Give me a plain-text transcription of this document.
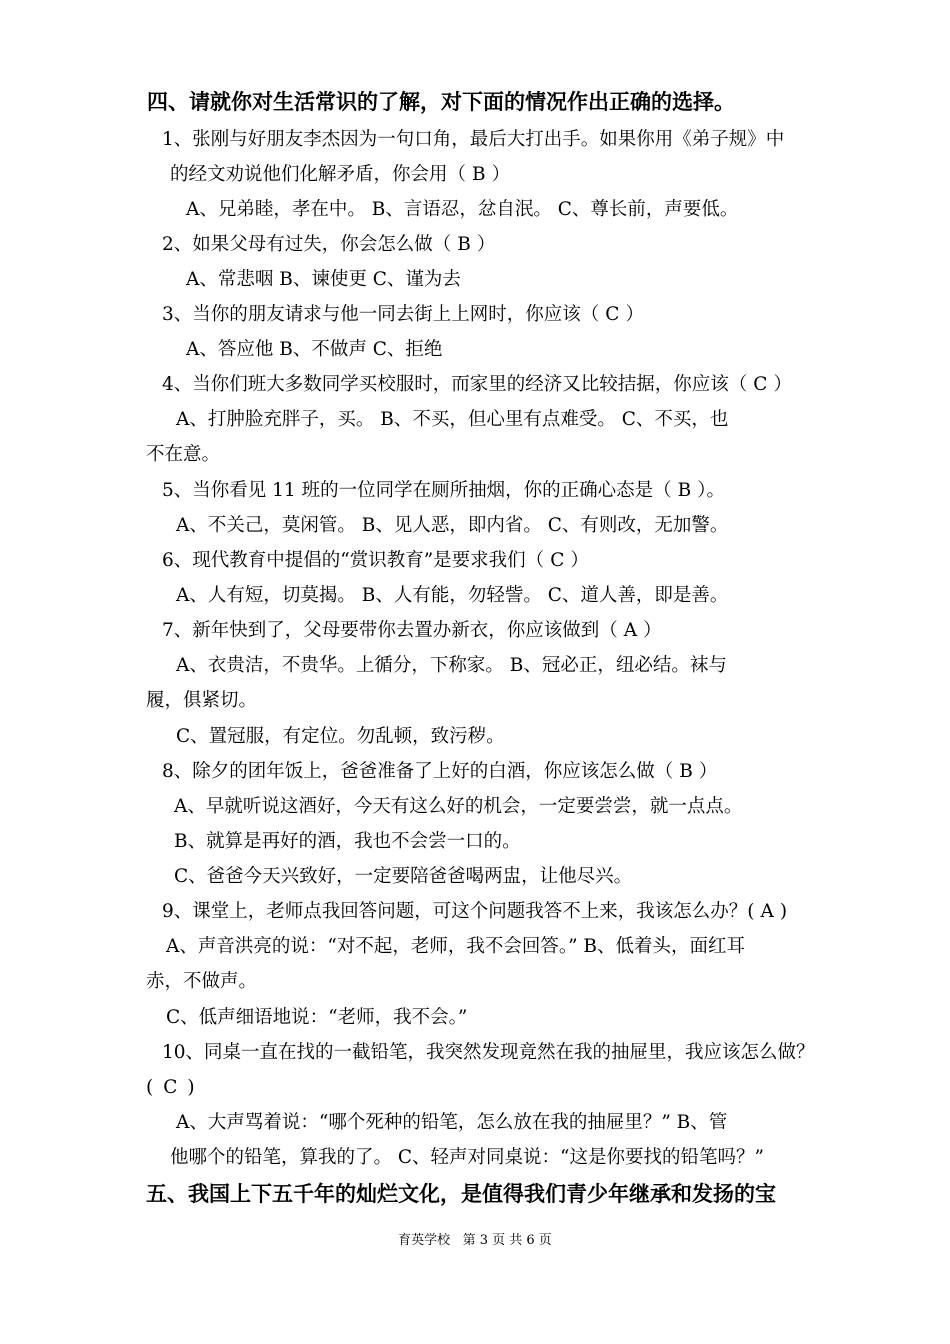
四、请就你对生活常识的了解，对下面的情况作出正确的选择。
1、张刚与好朋友李杰因为一句口角，最后大打出手。如果你用《弟子规》中
的经文劝说他们化解矛盾，你会用（ B ）
A、兄弟睦，孝在中。 B、言语忍，忿自泯。 C、尊长前，声要低。
2、如果父母有过失，你会怎么做（ B ）
A、常悲咽 B、谏使更 C、谨为去
3、当你的朋友请求与他一同去街上上网时，你应该（ C ）
A、答应他 B、不做声 C、拒绝
4、当你们班大多数同学买校服时，而家里的经济又比较拮据，你应该（ C ）
A、打肿脸充胖子，买。 B、不买，但心里有点难受。 C、不买，也
不在意。
5、当你看见 11 班的一位同学在厕所抽烟，你的正确心态是（ B ）。
A、不关己，莫闲管。 B、见人恶，即内省。 C、有则改，无加警。
6、现代教育中提倡的“赏识教育”是要求我们（ C ）
A、人有短，切莫揭。 B、人有能，勿轻訾。 C、道人善，即是善。
7、新年快到了，父母要带你去置办新衣，你应该做到（ A ）
A、衣贵洁，不贵华。上循分，下称家。 B、冠必正，纽必结。袜与
履，俱紧切。
C、置冠服，有定位。勿乱顿，致污秽。
8、除夕的团年饭上，爸爸准备了上好的白酒，你应该怎么做（ B ）
A、早就听说这酒好，今天有这么好的机会，一定要尝尝，就一点点。
B、就算是再好的酒，我也不会尝一口的。
C、爸爸今天兴致好，一定要陪爸爸喝两盅，让他尽兴。
9、课堂上，老师点我回答问题，可这个问题我答不上来，我该怎么办？( A )
A、声音洪亮的说：“对不起，老师，我不会回答。” B、低着头，面红耳
赤，不做声。
C、低声细语地说：“老师，我不会。”
10、同桌一直在找的一截铅笔，我突然发现竟然在我的抽屉里，我应该怎么做？
( C )
A、大声骂着说：“哪个死种的铅笔，怎么放在我的抽屉里？” B、管
他哪个的铅笔，算我的了。 C、轻声对同桌说：“这是你要找的铅笔吗？”
五、我国上下五千年的灿烂文化，是值得我们青少年继承和发扬的宝
育英学校 第 3 页 共 6 页
